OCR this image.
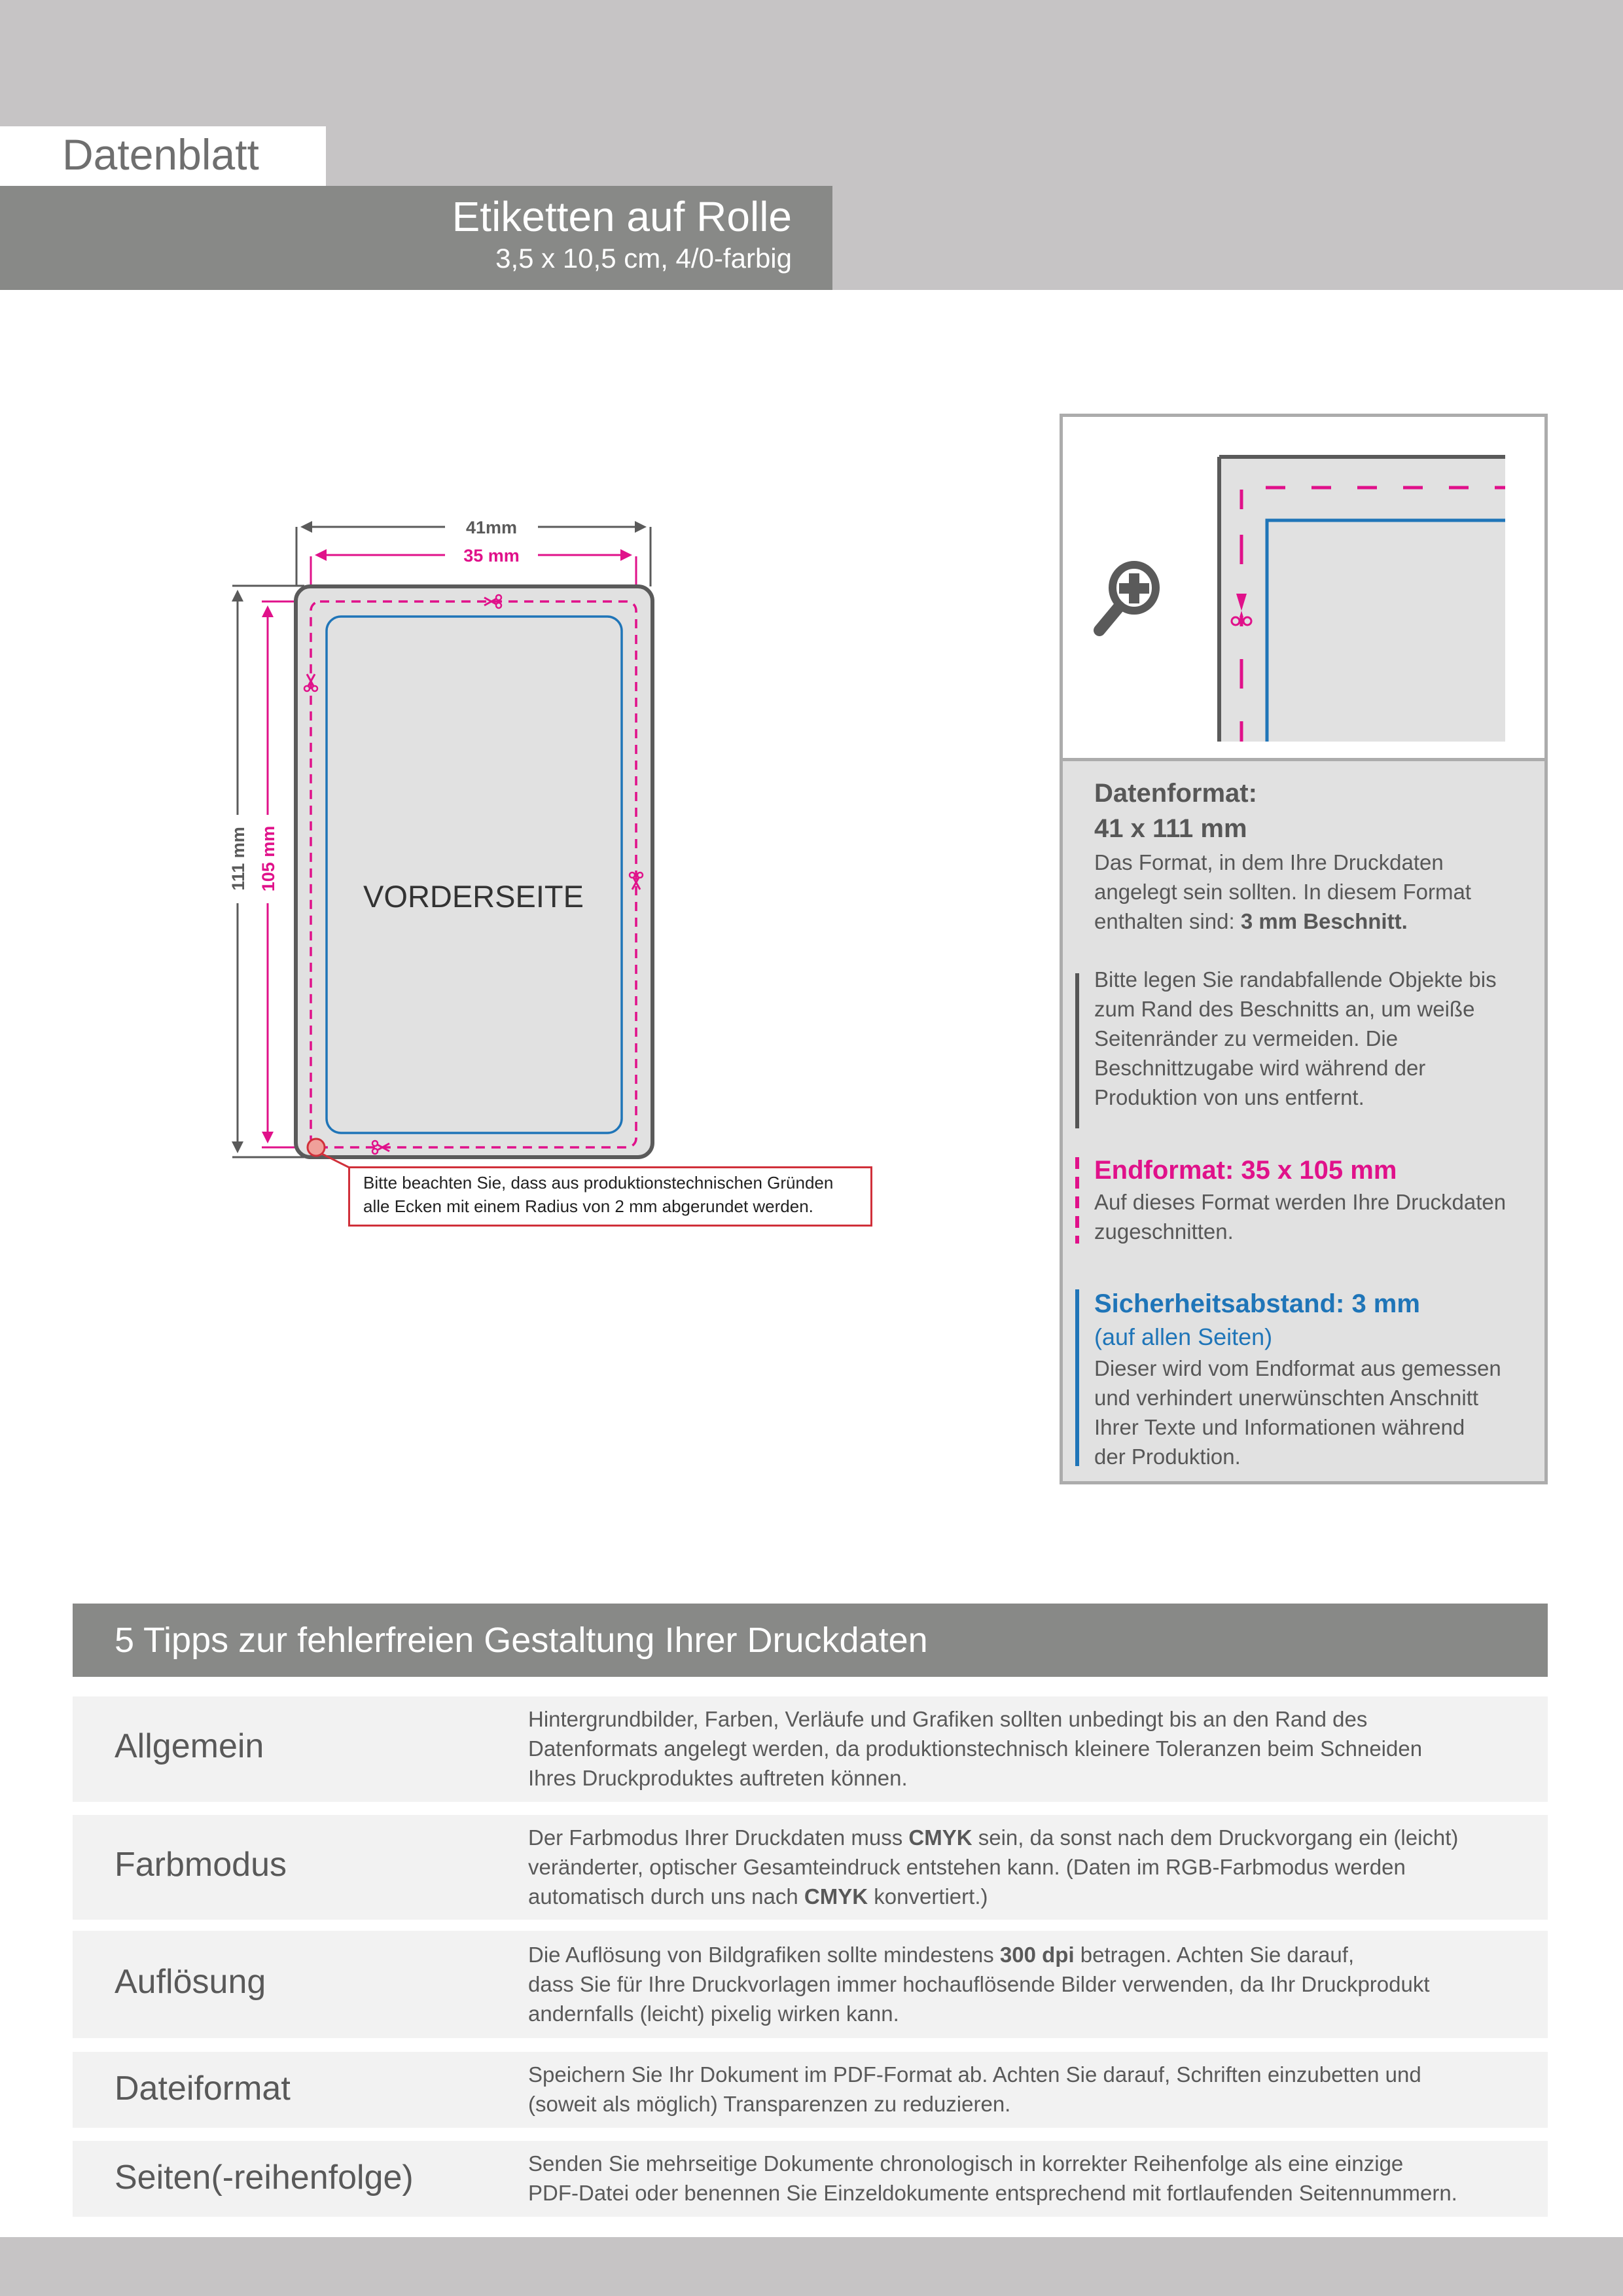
Datenblatt
Etiketten auf Rolle
3,5 x 10,5 cm, 4/0-farbig
41mm
35 mm
111 mm 105 mm
VORDERSEITE
Bitte beachten Sie, dass aus produktionstechnischen Gründen
alle Ecken mit einem Radius von 2 mm abgerundet werden.
Datenformat:
41 x 111 mm
Das Format, in dem Ihre Druckdaten
angelegt sein sollten. In diesem Format
enthalten sind: 3 mm Beschnitt.
Bitte legen Sie randabfallende Objekte bis
zum Rand des Beschnitts an, um weiße
Seitenränder zu vermeiden. Die
Beschnittzugabe wird während der
Produktion von uns entfernt.
Endformat: 35 x 105 mm
Auf dieses Format werden Ihre Druckdaten
zugeschnitten.
Sicherheitsabstand: 3 mm
(auf allen Seiten)
Dieser wird vom Endformat aus gemessen
und verhindert unerwünschten Anschnitt
Ihrer Texte und Informationen während
der Produktion.
5 Tipps zur fehlerfreien Gestaltung Ihrer Druckdaten
Allgemein
Hintergrundbilder, Farben, Verläufe und Grafiken sollten unbedingt bis an den Rand des
Datenformats angelegt werden, da produktionstechnisch kleinere Toleranzen beim Schneiden
Ihres Druckproduktes auftreten können.
Farbmodus
Der Farbmodus Ihrer Druckdaten muss CMYK sein, da sonst nach dem Druckvorgang ein (leicht)
veränderter, optischer Gesamteindruck entstehen kann. (Daten im RGB-Farbmodus werden
automatisch durch uns nach CMYK konvertiert.)
Auflösung
Die Auflösung von Bildgrafiken sollte mindestens 300 dpi betragen. Achten Sie darauf,
dass Sie für Ihre Druckvorlagen immer hochauflösende Bilder verwenden, da Ihr Druckprodukt
andernfalls (leicht) pixelig wirken kann.
Dateiformat	Speichern Sie Ihr Dokument im PDF-Format ab. Achten Sie darauf, Schriften einzubetten und
(soweit als möglich) Transparenzen zu reduzieren.
Seiten(-reihenfolge)	Senden Sie mehrseitige Dokumente chronologisch in korrekter Reihenfolge als eine einzige
PDF-Datei oder benennen Sie Einzeldokumente entsprechend mit fortlaufenden Seitennummern.
